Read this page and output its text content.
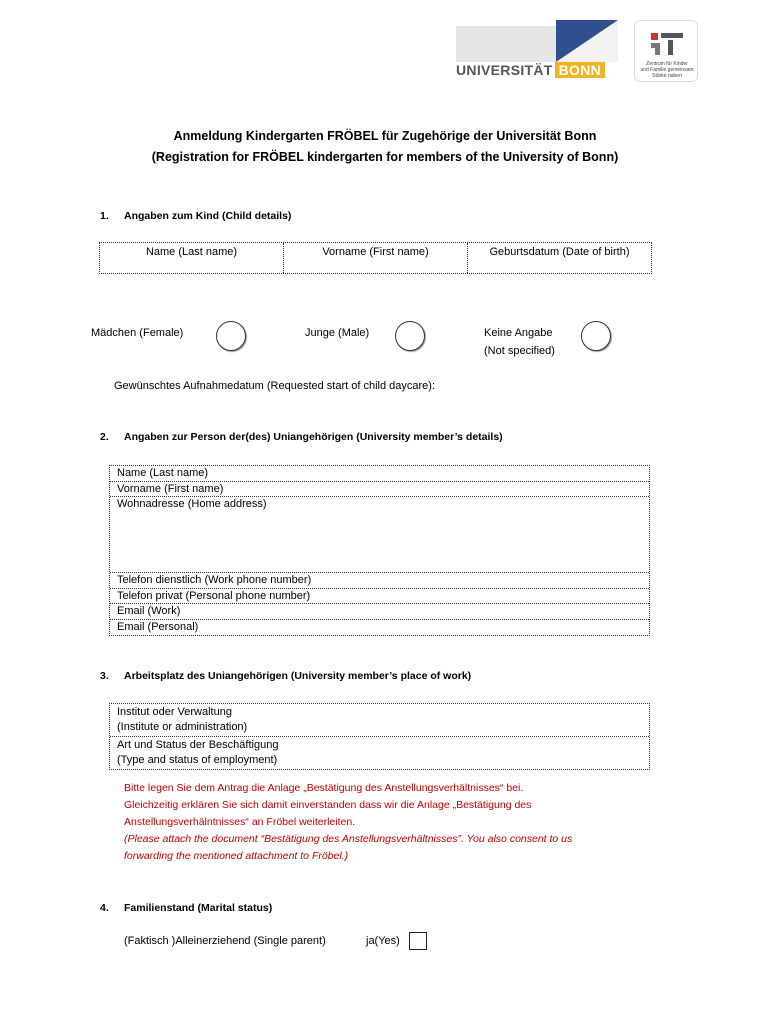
UNIVERSITÄT BONN	Zentrum für Kinder
und Familie gemeinsam
Stärke haben
Anmeldung Kindergarten FRÖBEL für Zugehörige der Universität Bonn
(Registration for FRÖBEL kindergarten for members of the University of Bonn)
1. Angaben zum Kind (Child details)
Name (Last name)	Vorname (First name)	Geburtsdatum (Date of birth)
Mädchen (Female)	Junge (Male)	Keine Angabe
(Not specified)
Gewünschtes Aufnahmedatum (Requested start of child daycare):
2. Angaben zur Person der(des) Uniangehörigen (University member’s details)
Name (Last name)
Vorname (First name)
Wohnadresse (Home address)
Telefon dienstlich (Work phone number)
Telefon privat (Personal phone number)
Email (Work)
Email (Personal)
3. Arbeitsplatz des Uniangehörigen (University member’s place of work)
Institut oder Verwaltung
(Institute or administration)
Art und Status der Beschäftigung
(Type and status of employment)
Bitte legen Sie dem Antrag die Anlage „Bestätigung des Anstellungsverhältnisses“ bei.
Gleichzeitig erklären Sie sich damit einverstanden dass wir die Anlage „Bestätigung des
Anstellungsverhälntnisses“ an Fröbel weiterleiten.
(Please attach the document “Bestätigung des Anstellungsverhältnisses”. You also consent to us
forwarding the mentioned attachment to Fröbel.)
4. Familienstand (Marital status)
(Faktisch )Alleinerziehend (Single parent)	ja(Yes)
